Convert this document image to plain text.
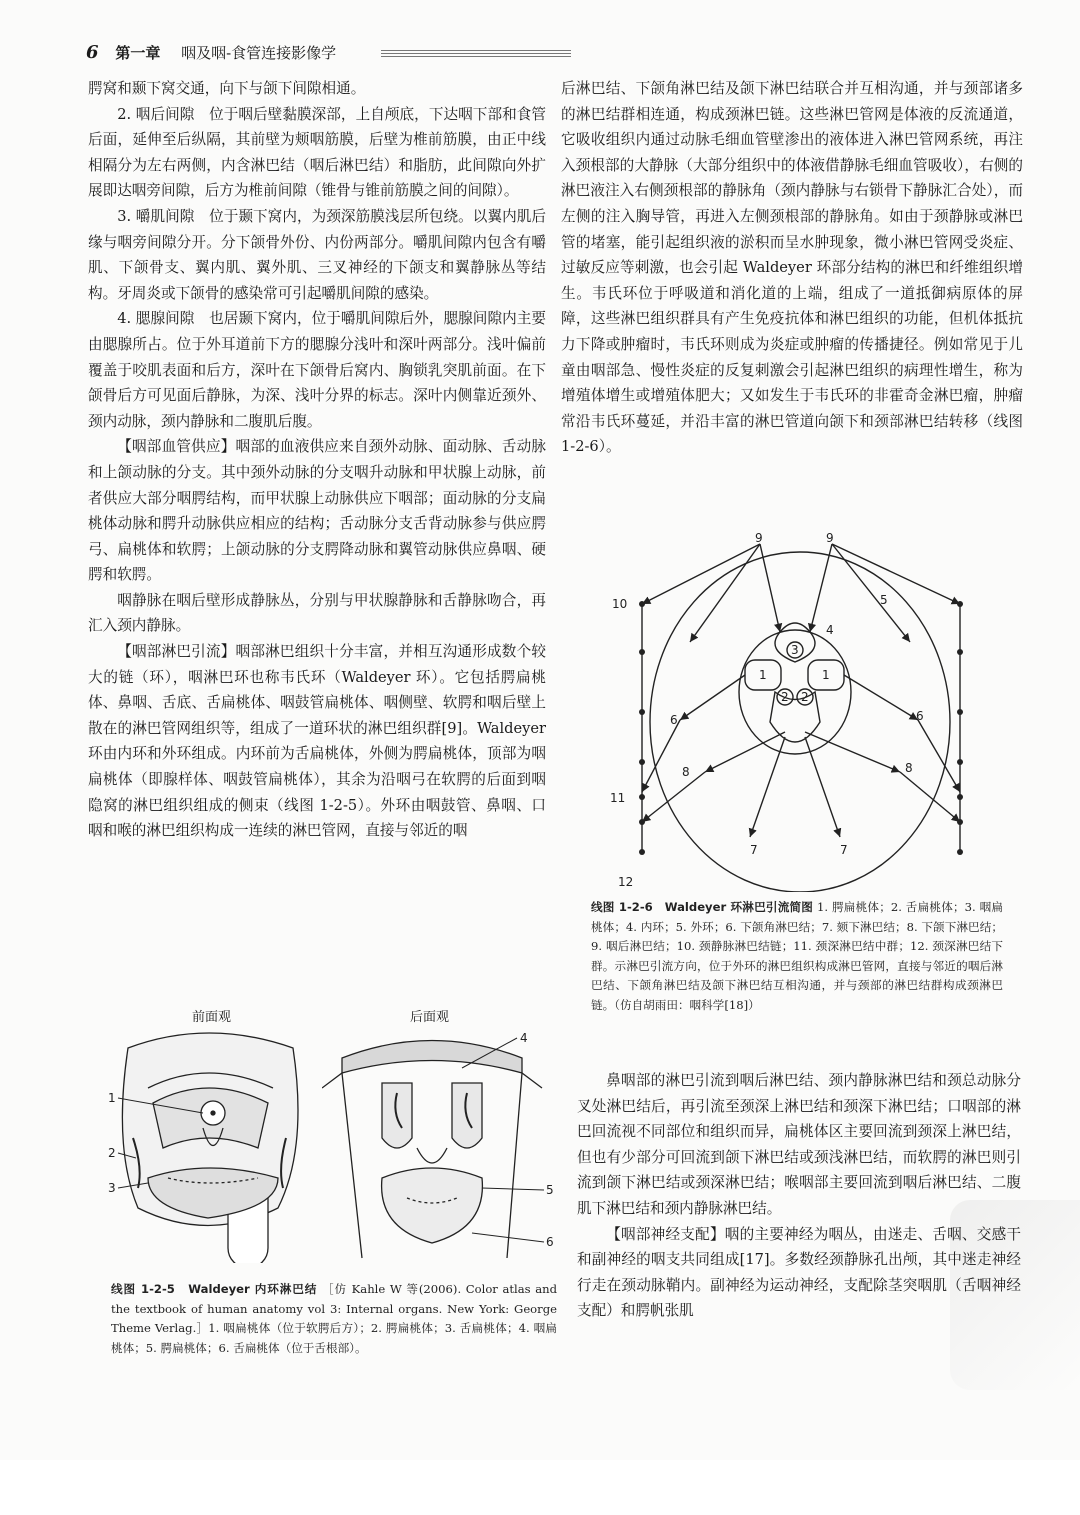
6 第一章 咽及咽-食管连接影像学

腭窝和颞下窝交通，向下与颌下间隙相通。

2. 咽后间隙　位于咽后壁黏膜深部，上自颅底，下达咽下部和食管后面，延伸至后纵隔，其前壁为颊咽筋膜，后壁为椎前筋膜，由正中线相隔分为左右两侧，内含淋巴结（咽后淋巴结）和脂肪，此间隙向外扩展即达咽旁间隙，后方为椎前间隙（锥骨与锥前筋膜之间的间隙）。

3. 嚼肌间隙　位于颞下窝内，为颈深筋膜浅层所包绕。以翼内肌后缘与咽旁间隙分开。分下颌骨外份、内份两部分。嚼肌间隙内包含有嚼肌、下颌骨支、翼内肌、翼外肌、三叉神经的下颌支和翼静脉丛等结构。牙周炎或下颌骨的感染常可引起嚼肌间隙的感染。

4. 腮腺间隙　也居颞下窝内，位于嚼肌间隙后外，腮腺间隙内主要由腮腺所占。位于外耳道前下方的腮腺分浅叶和深叶两部分。浅叶偏前覆盖于咬肌表面和后方，深叶在下颌骨后窝内、胸锁乳突肌前面。在下颌骨后方可见面后静脉，为深、浅叶分界的标志。深叶内侧靠近颈外、颈内动脉，颈内静脉和二腹肌后腹。

【咽部血管供应】咽部的血液供应来自颈外动脉、面动脉、舌动脉和上颌动脉的分支。其中颈外动脉的分支咽升动脉和甲状腺上动脉，前者供应大部分咽腭结构，而甲状腺上动脉供应下咽部；面动脉的分支扁桃体动脉和腭升动脉供应相应的结构；舌动脉分支舌背动脉参与供应腭弓、扁桃体和软腭；上颌动脉的分支腭降动脉和翼管动脉供应鼻咽、硬腭和软腭。

咽静脉在咽后壁形成静脉丛，分别与甲状腺静脉和舌静脉吻合，再汇入颈内静脉。

【咽部淋巴引流】咽部淋巴组织十分丰富，并相互沟通形成数个较大的链（环），咽淋巴环也称韦氏环（Waldeyer 环）。它包括腭扁桃体、鼻咽、舌底、舌扁桃体、咽鼓管扁桃体、咽侧壁、软腭和咽后壁上散在的淋巴管网组织等，组成了一道环状的淋巴组织群[9]。Waldeyer 环由内环和外环组成。内环前为舌扁桃体，外侧为腭扁桃体，顶部为咽扁桃体（即腺样体、咽鼓管扁桃体），其余为沿咽弓在软腭的后面到咽隐窝的淋巴组织组成的侧束（线图 1-2-5）。外环由咽鼓管、鼻咽、口咽和喉的淋巴组织构成一连续的淋巴管网，直接与邻近的咽

后淋巴结、下颌角淋巴结及颌下淋巴结联合并互相沟通，并与颈部诸多的淋巴结群相连通，构成颈淋巴链。这些淋巴管网是体液的反流通道，它吸收组织内通过动脉毛细血管壁渗出的液体进入淋巴管网系统，再注入颈根部的大静脉（大部分组织中的体液借静脉毛细血管吸收），右侧的淋巴液注入右侧颈根部的静脉角（颈内静脉与右锁骨下静脉汇合处），而左侧的注入胸导管，再进入左侧颈根部的静脉角。如由于颈静脉或淋巴管的堵塞，能引起组织液的淤积而呈水肿现象，微小淋巴管网受炎症、过敏反应等刺激，也会引起 Waldeyer 环部分结构的淋巴和纤维组织增生。韦氏环位于呼吸道和消化道的上端，组成了一道抵御病原体的屏障，这些淋巴组织群具有产生免疫抗体和淋巴组织的功能，但机体抵抗力下降或肿瘤时，韦氏环则成为炎症或肿瘤的传播捷径。例如常见于儿童由咽部急、慢性炎症的反复刺激会引起淋巴组织的病理性增生，称为增殖体增生或增殖体肥大；又如发生于韦氏环的非霍奇金淋巴瘤，肿瘤常沿韦氏环蔓延，并沿丰富的淋巴管道向颌下和颈部淋巴结转移（线图 1-2-6）。

9	9
10	5
4
3
1	1
2 2
6	6
8	8
11
7	7
12
线图 1-2-6　Waldeyer 环淋巴引流简图 1. 腭扁桃体；2. 舌扁桃体；3. 咽扁桃体；4. 内环；5. 外环；6. 下颌角淋巴结；7. 颏下淋巴结；8. 下颌下淋巴结；9. 咽后淋巴结；10. 颈静脉淋巴结链；11. 颈深淋巴结中群；12. 颈深淋巴结下群。示淋巴引流方向，位于外环的淋巴组织构成淋巴管网，直接与邻近的咽后淋巴结、下颌角淋巴结及颌下淋巴结互相沟通，并与颈部的淋巴结群构成颈淋巴链。（仿自胡雨田：咽科学[18]）

鼻咽部的淋巴引流到咽后淋巴结、颈内静脉淋巴结和颈总动脉分叉处淋巴结后，再引流至颈深上淋巴结和颈深下淋巴结；口咽部的淋巴回流视不同部位和组织而异，扁桃体区主要回流到颈深上淋巴结，但也有少部分可回流到颌下淋巴结或颈浅淋巴结，而软腭的淋巴则引流到颌下淋巴结或颈深淋巴结；喉咽部主要回流到咽后淋巴结、二腹肌下淋巴结和颈内静脉淋巴结。

【咽部神经支配】咽的主要神经为咽丛，由迷走、舌咽、交感干和副神经的咽支共同组成[17]。多数经颈静脉孔出颅，其中迷走神经行走在颈动脉鞘内。副神经为运动神经，支配除茎突咽肌（舌咽神经支配）和腭帆张肌

前面观	后面观
1
2
3
4
5
6
线图 1-2-5　Waldeyer 内环淋巴结 ［仿 Kahle W 等(2006). Color atlas and the textbook of human anatomy vol 3: Internal organs. New York: George Theme Verlag.］1. 咽扁桃体（位于软腭后方）；2. 腭扁桃体；3. 舌扁桃体；4. 咽扁桃体；5. 腭扁桃体；6. 舌扁桃体（位于舌根部）。
